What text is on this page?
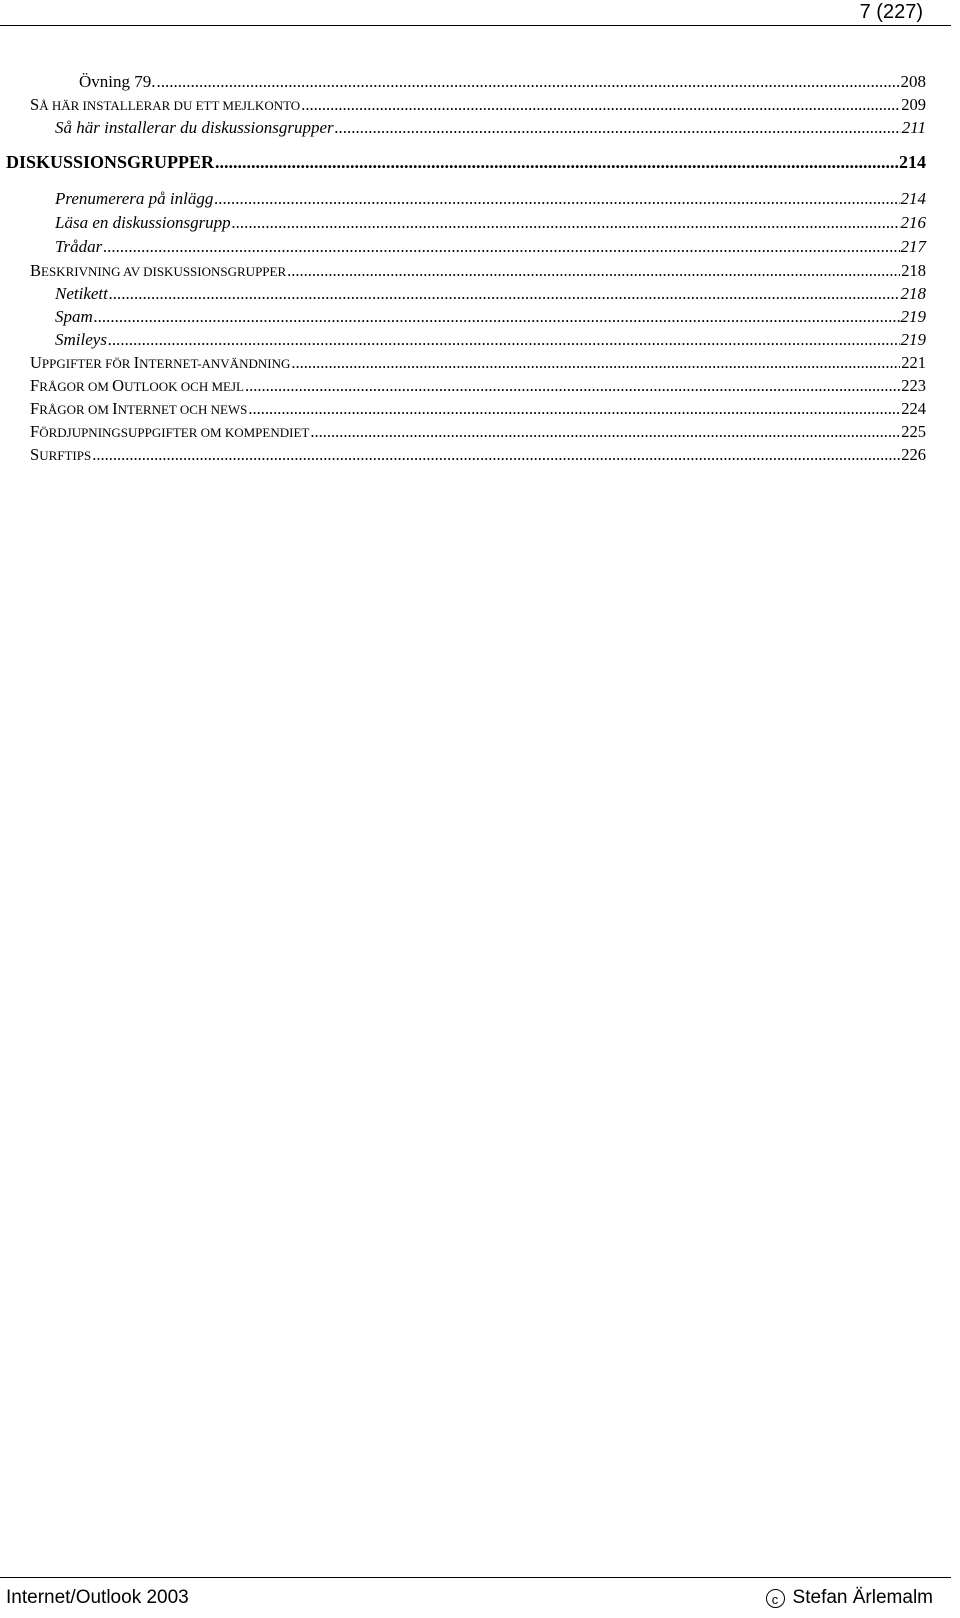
7 (227)
Övning 79. .....	208
SÅ HÄR INSTALLERAR DU ETT MEJLKONTO .....	209
Så här installerar du diskussionsgrupper .....	211
DISKUSSIONSGRUPPER .....	214
Prenumerera på inlägg .....	214
Läsa en diskussionsgrupp .....	216
Trådar .....	217
BESKRIVNING AV DISKUSSIONSGRUPPER .....	218
Netikett .....	218
Spam .....	219
Smileys .....	219
UPPGIFTER FÖR INTERNET-ANVÄNDNING .....	221
FRÅGOR OM OUTLOOK OCH MEJL .....	223
FRÅGOR OM INTERNET OCH NEWS .....	224
FÖRDJUPNINGSUPPGIFTER OM KOMPENDIET .....	225
SURFTIPS .....	226
Internet/Outlook 2003	c Stefan Ärlemalm
